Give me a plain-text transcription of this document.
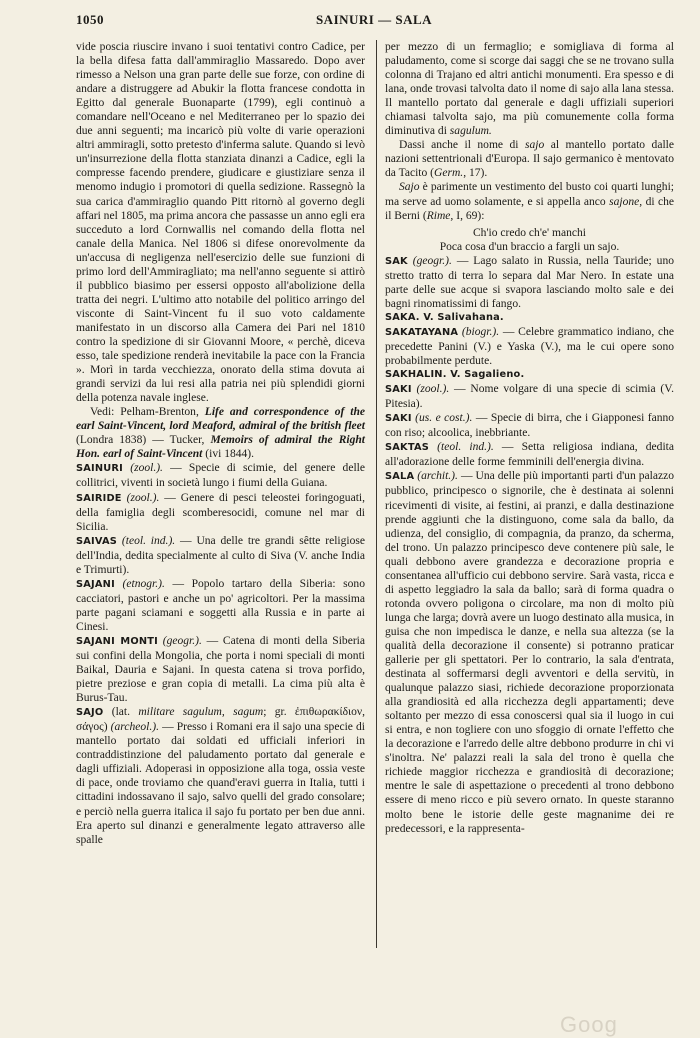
1050	SAINURI — SALA

vide poscia riuscire invano i suoi tentativi contro Cadice, per la bella difesa fatta dall'ammiraglio Massaredo. Dopo aver rimesso a Nelson una gran parte delle sue forze, con ordine di andare a distruggere ad Abukir la flotta francese condotta in Egitto dal generale Buonaparte (1799), egli continuò a comandare nell'Oceano e nel Mediterraneo per lo spazio dei due anni seguenti; ma incaricò più volte di varie operazioni altri ammiragli, sotto pretesto d'inferma salute. Quando si levò un'insurrezione della flotta stanziata dinanzi a Cadice, egli la compresse facendo prendere, giudicare e giustiziare senza il menomo indugio i promotori di quella sedizione. Rassegnò la sua carica d'ammiraglio quando Pitt ritornò al governo degli affari nel 1805, ma prima ancora che passasse un anno egli era succeduto a lord Cornwallis nel comando della flotta nel canale della Manica. Nel 1806 si difese onorevolmente da un'accusa di negligenza nell'esercizio delle sue funzioni di primo lord dell'Ammiragliato; ma nell'anno seguente si attirò il pubblico biasimo per essersi opposto all'abolizione della tratta dei negri. L'ultimo atto notabile del politico arringo del visconte di Saint-Vincent fu il suo voto caldamente manifestato in un discorso alla Camera dei Pari nel 1810 contro la spedizione di sir Giovanni Moore, « perchè, diceva esso, tale spedizione renderà inevitabile la pace con la Francia ». Morì in tarda vecchiezza, onorato della stima dovuta ai grandi servizi da lui resi alla patria nei più splendidi giorni della potenza navale inglese.

Vedi: Pelham-Brenton, Life and correspondence of the earl Saint-Vincent, lord Meaford, admiral of the british fleet (Londra 1838) — Tucker, Memoirs of admiral the Right Hon. earl of Saint-Vincent (ivi 1844).

SAINURI (zool.). — Specie di scimie, del genere delle collitrici, viventi in società lungo i fiumi della Guiana.

SAIRIDE (zool.). — Genere di pesci teleostei foringoguati, della famiglia degli scomberesocidi, comune nel mar di Sicilia.

SAIVAS (teol. ind.). — Una delle tre grandi sêtte religiose dell'India, dedita specialmente al culto di Siva (V. anche India e Trimurti).

SAJANI (etnogr.). — Popolo tartaro della Siberia: sono cacciatori, pastori e anche un po' agricoltori. Per la massima parte pagani sciamani e soggetti alla Russia e in parte ai Cinesi.

SAJANI MONTI (geogr.). — Catena di monti della Siberia sui confini della Mongolia, che porta i nomi speciali di monti Baikal, Dauria e Sajani. In questa catena si trova porfido, pietre preziose e gran copia di metalli. La cima più alta è Burus-Tau.

SAJO (lat. militare sagulum, sagum; gr. ἐπιθωρακίδιον, σάγος) (archeol.). — Presso i Romani era il sajo una specie di mantello portato dai soldati ed ufficiali inferiori in contraddistinzione del paludamento portato dal generale e dagli uffiziali. Adoperasi in opposizione alla toga, ossia veste di pace, onde troviamo che quand'eravi guerra in Italia, tutti i cittadini indossavano il sajo, salvo quelli del grado consolare; e perciò nella guerra italica il sajo fu portato per ben due anni. Era aperto sul dinanzi e generalmente legato attraverso alle spalle

per mezzo di un fermaglio; e somigliava di forma al paludamento, come si scorge dai saggi che se ne trovano sulla colonna di Trajano ed altri antichi monumenti. Era spesso e di lana, onde trovasi talvolta dato il nome di sajo alla lana stessa. Il mantello portato dal generale e dagli uffiziali superiori chiamasi talvolta sajo, ma più comunemente colla forma diminutiva di sagulum.

Dassi anche il nome di sajo al mantello portato dalle nazioni settentrionali d'Europa. Il sajo germanico è mentovato da Tacito (Germ., 17).

Sajo è parimente un vestimento del busto coi quarti lunghi; ma serve ad uomo solamente, e si appella anco sajone, di che il Berni (Rime, I, 69):

Ch'io credo ch'e' manchi

Poca cosa d'un braccio a fargli un sajo.

SAK (geogr.). — Lago salato in Russia, nella Tauride; uno stretto tratto di terra lo separa dal Mar Nero. In estate una parte delle sue acque si svapora lasciando molto sale e dei bagni rinomatissimi di fango.

SAKA. V. Salivahana.

SAKATAYANA (biogr.). — Celebre grammatico indiano, che precedette Panini (V.) e Yaska (V.), ma le cui opere sono probabilmente perdute.

SAKHALIN. V. Sagalieno.

SAKI (zool.). — Nome volgare di una specie di scimia (V. Pitesia).

SAKI (us. e cost.). — Specie di birra, che i Giapponesi fanno con riso; alcoolica, inebbriante.

SAKTAS (teol. ind.). — Setta religiosa indiana, dedita all'adorazione delle forme femminili dell'energia divina.

SALA (archit.). — Una delle più importanti parti d'un palazzo pubblico, principesco o signorile, che è destinata ai solenni ricevimenti di visite, ai festini, ai pranzi, e dalla destinazione prende aggiunti che la distinguono, come sala da ballo, da udienza, del consiglio, di compagnia, da pranzo, da scherma, del trono. Un palazzo principesco deve contenere più sale, le quali debbono avere grandezza e decorazione propria e consentanea all'ufficio cui debbono servire. Sarà vasta, ricca e di aspetto leggiadro la sala da ballo; sarà di forma quadra o rotonda ovvero poligona o circolare, ma non di molto più lunga che larga; dovrà avere un luogo destinato alla musica, in guisa che non impedisca le danze, e nella sua altezza (se la qualità della decorazione il consente) si potranno praticar gallerie per gli spettatori. Per lo contrario, la sala d'entrata, destinata al soffermarsi degli avventori e della servitù, in qualunque palazzo siasi, richiede decorazione proporzionata alla grandiosità ed alla ricchezza degli appartamenti; deve soltanto per mezzo di essa conoscersi qual sia il luogo in cui si entra, e non togliere con uno sfoggio di ornate l'effetto che la decorazione e l'arredo delle altre debbono produrre in chi vi s'inoltra. Ne' palazzi reali la sala del trono è quella che richiede maggior ricchezza e grandiosità di decorazione; mentre le sale di aspettazione o precedenti al trono debbono essere di meno ricco e più severo ornato. In queste staranno molto bene le istorie delle geste magnanime dei re predecessori, e la rappresenta-

Goog
